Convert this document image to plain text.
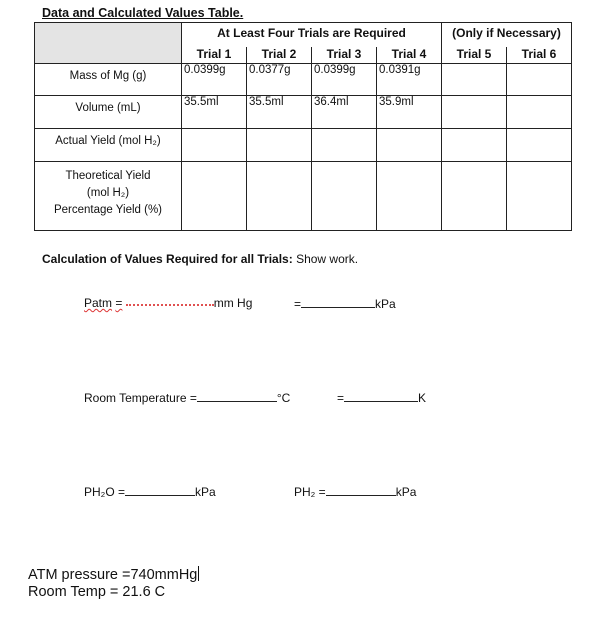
Data and Calculated Values Table.
	At Least Four Trials are Required				(Only if Necessary)	
	Trial 1	Trial 2	Trial 3	Trial 4	Trial 5	Trial 6
Mass of Mg (g)	0.0399g	0.0377g	0.0399g	0.0391g		
Volume (mL)	35.5ml	35.5ml	36.4ml	35.9ml		
Actual Yield (mol H₂)						

Theoretical Yield
(mol H₂)
Percentage Yield (%)						

Calculation of Values Required for all Trials: Show work.
Patm =	mm Hg	=	kPa
Room Temperature =	°C	=	K
PH₂O =	kPa	PH₂ =	kPa
ATM pressure =740mmHg
Room Temp = 21.6 C
